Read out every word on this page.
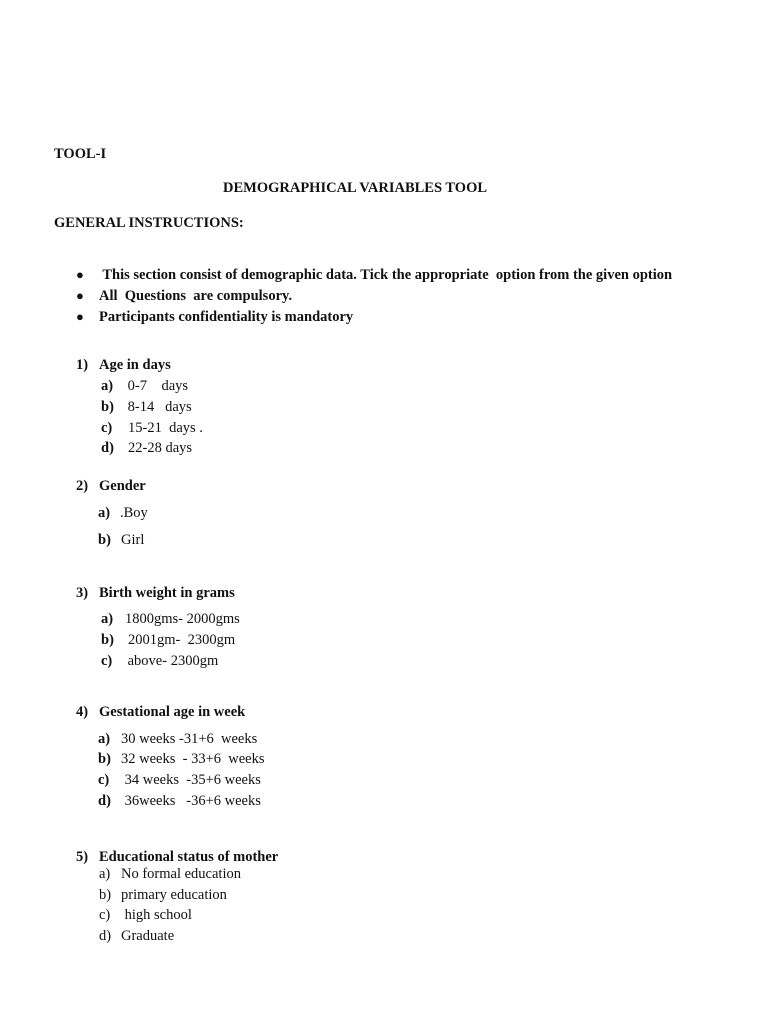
TOOL-I
DEMOGRAPHICAL VARIABLES TOOL
GENERAL INSTRUCTIONS:
● This section consist of demographic data. Tick the appropriate  option from the given option
● All  Questions  are compulsory.
● Participants confidentiality is mandatory
1) Age in days
a) 0-7    days
b) 8-14   days
c) 15-21  days .
d) 22-28 days
2) Gender
a) .Boy
b) Girl
3) Birth weight in grams
a) 1800gms- 2000gms
b) 2001gm-  2300gm
c) above- 2300gm
4) Gestational age in week
a) 30 weeks -31+6  weeks
b) 32 weeks  - 33+6  weeks
c) 34 weeks  -35+6 weeks
d) 36weeks   -36+6 weeks
5) Educational status of mother
a) No formal education
b) primary education
c) high school
d) Graduate
